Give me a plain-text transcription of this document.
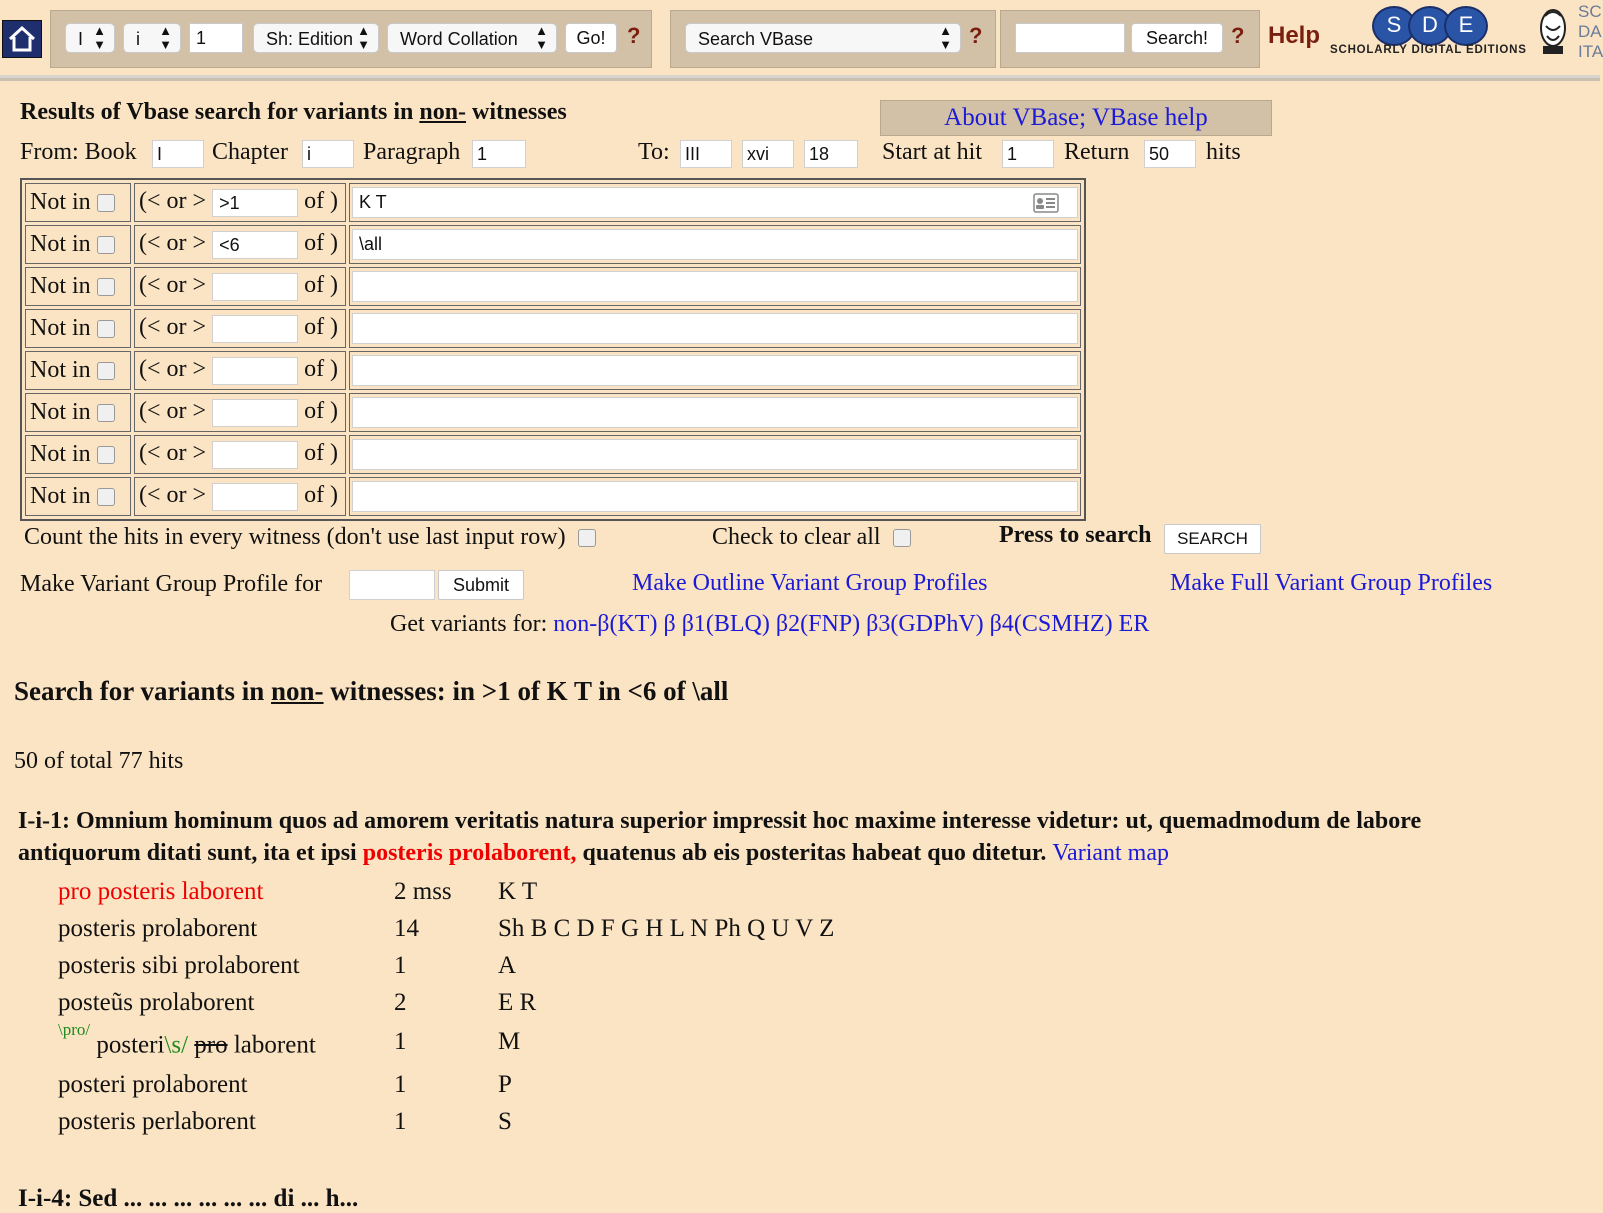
I ▲
▼	i ▲
▼	1	Sh: Edition ▲
▼	Word Collation ▲
▼	Go! ?	Search VBase	▲
▼ ?	Search!	? Help	S D E
SCHOLARLY DIGITAL EDITIONS
SC
DA
ITA
Results of Vbase search for variants in non- witnesses	About VBase; VBase help
From: Book I	Chapter i	Paragraph 1	To: III	xvi	18	Start at hit 1	Return 50	hits
Not in	(< or > >1 of )	K T

Not in	(< or > <6 of )	\all

Not in	(< or > of )	

Not in	(< or > of )	

Not in	(< or > of )	

Not in	(< or > of )	

Not in	(< or > of )	

Not in	(< or > of )	
Count the hits in every witness (don't use last input row)	Check to clear all	Press to search	SEARCH
Make Variant Group Profile for	Submit	Make Outline Variant Group Profiles	Make Full Variant Group Profiles
Get variants for: non-β(KT) β β1(BLQ) β2(FNP) β3(GDPhV) β4(CSMHZ) ER
Search for variants in non- witnesses: in >1 of K T in <6 of \all
50 of total 77 hits
I-i-1: Omnium hominum quos ad amorem veritatis natura superior impressit hoc maxime interesse videtur: ut, quemadmodum de labore
antiquorum ditati sunt, ita et ipsi posteris prolaborent, quatenus ab eis posteritas habeat quo ditetur. Variant map
pro posteris laborent	2 mss K T
posteris prolaborent	14	Sh B C D F G H L N Ph Q U V Z
posteris sibi prolaborent	1	A
posteũs prolaborent	2	E R
$^{\backslash pro/}$ posteri\s/ pro laborent	1	M
posteri prolaborent	1	P
posteris perlaborent	1	S
I-i-4: Sed ... ... ... ... ... ... di ... h...
